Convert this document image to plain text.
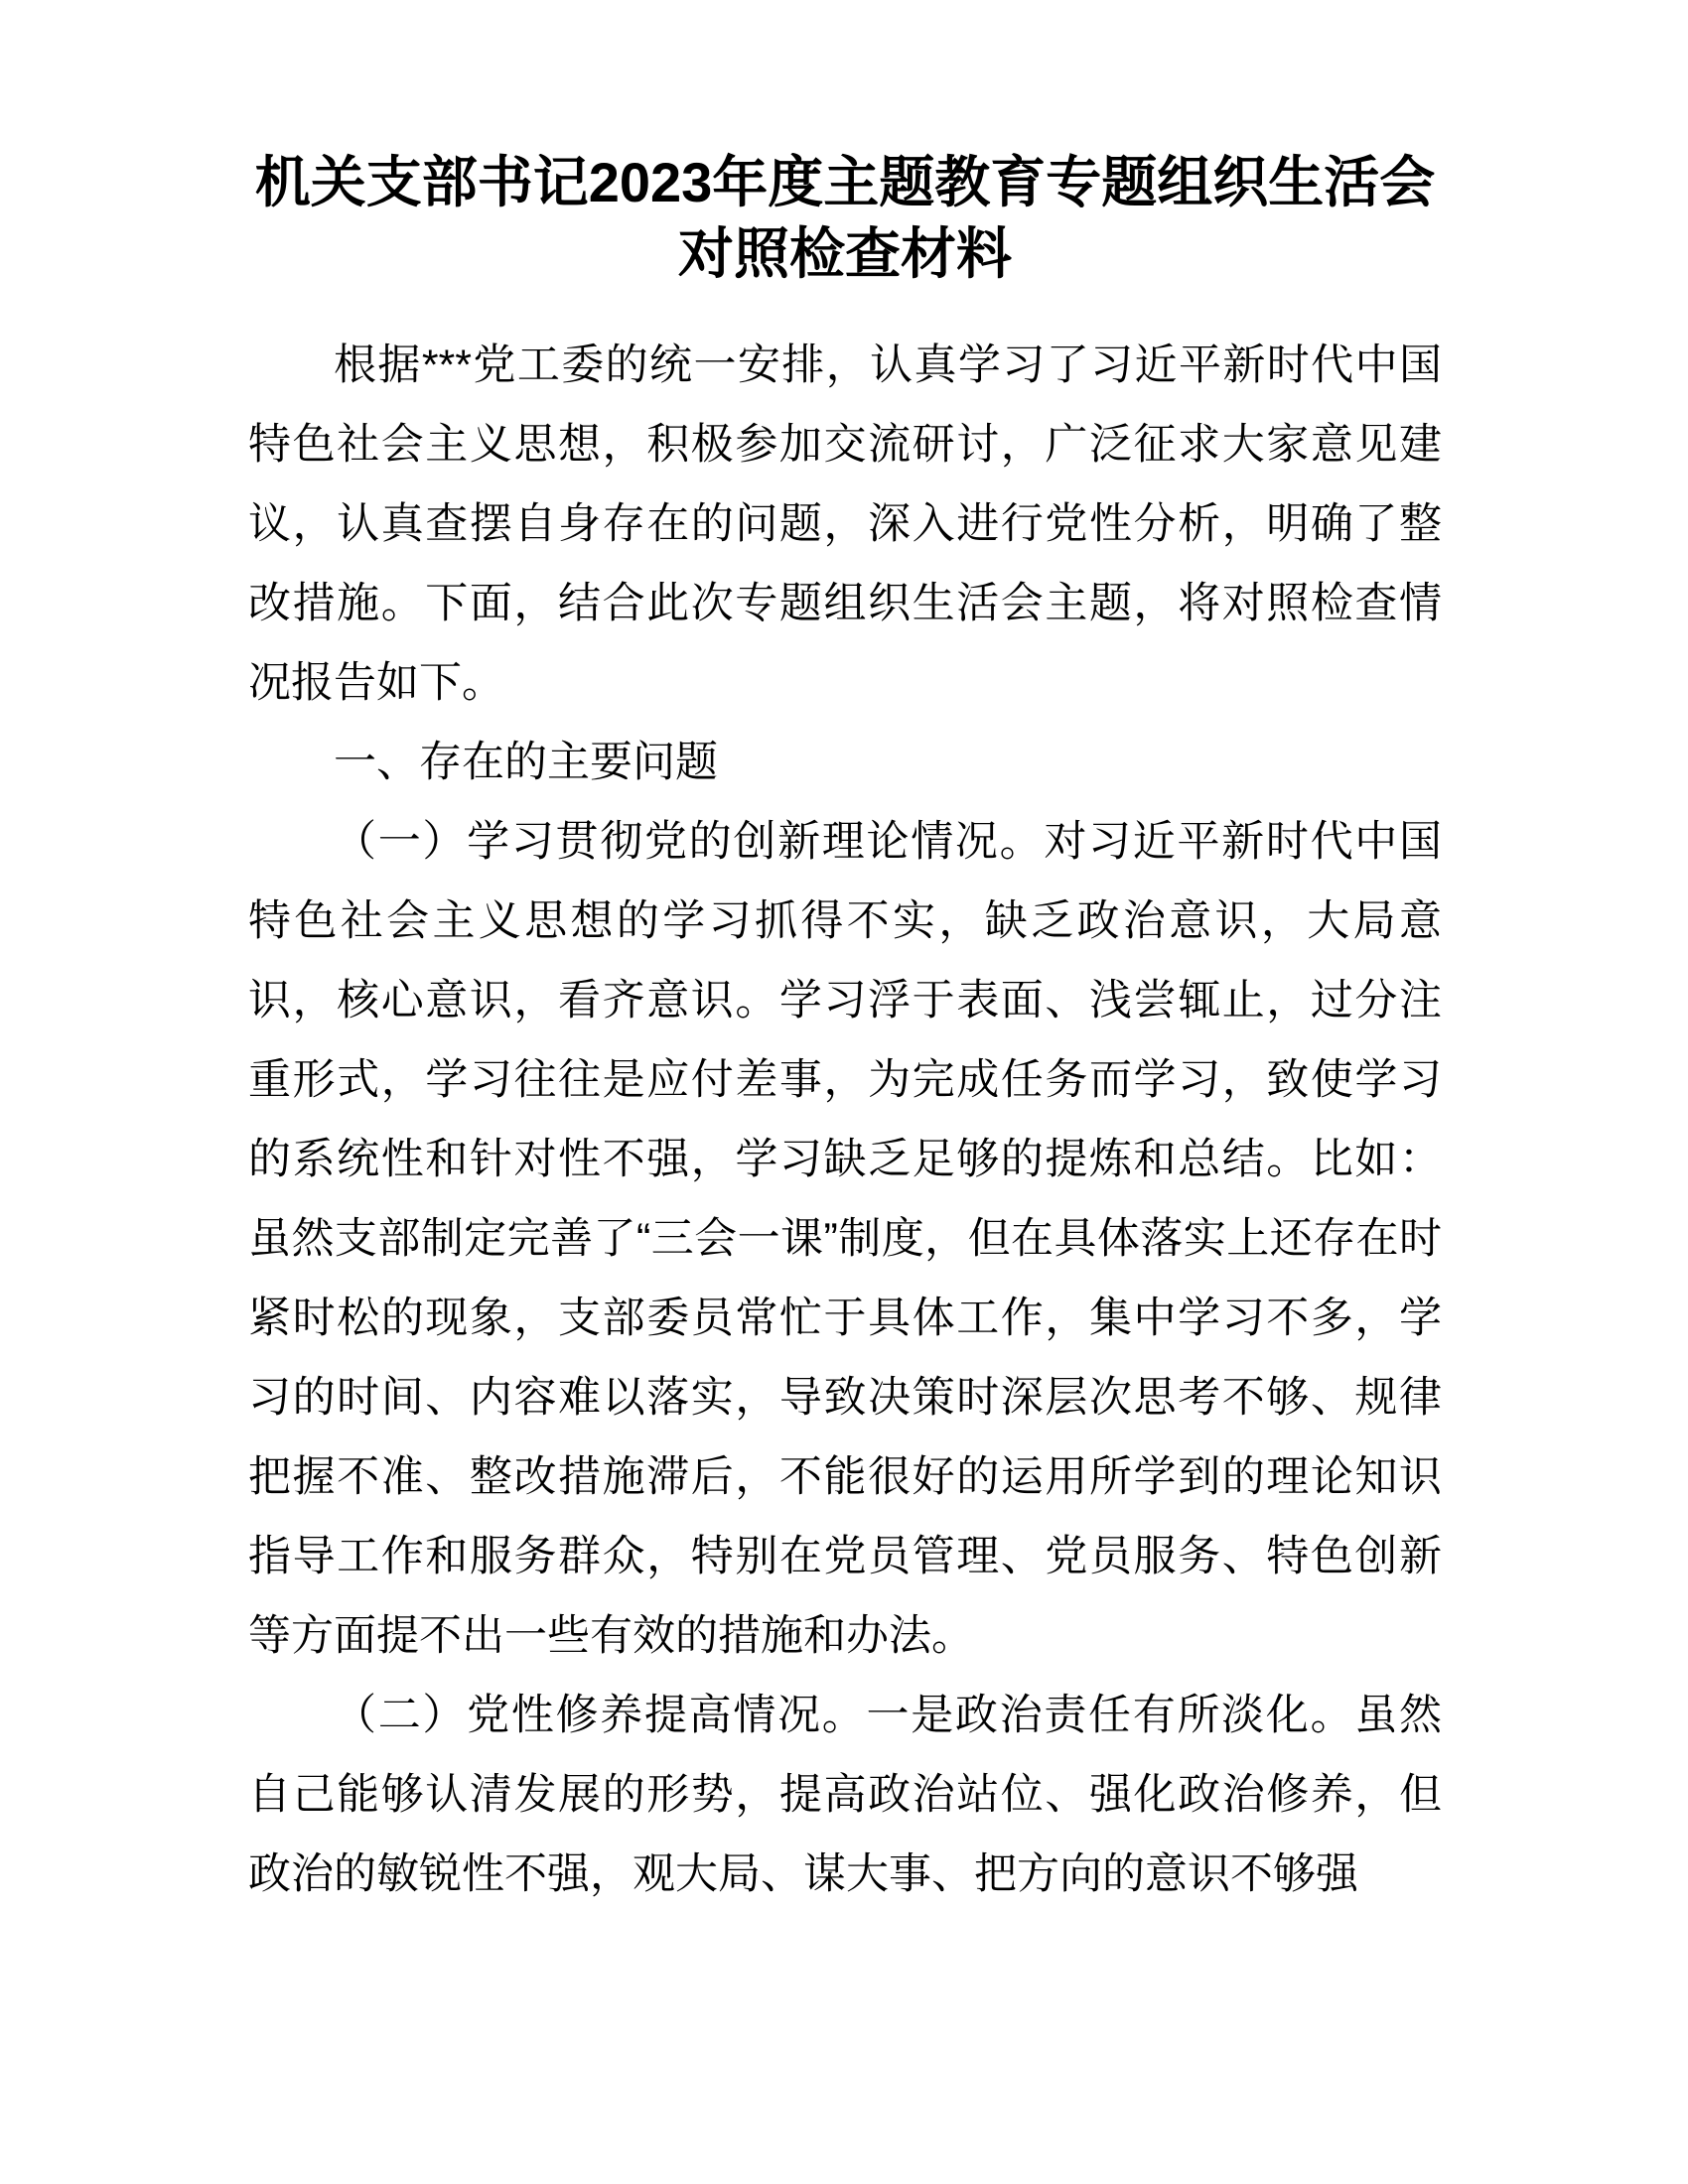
机关支部书记2023年度主题教育专题组织生活会对照检查材料

根据***党工委的统一安排，认真学习了习近平新时代中国特色社会主义思想，积极参加交流研讨，广泛征求大家意见建议，认真查摆自身存在的问题，深入进行党性分析，明确了整改措施。下面，结合此次专题组织生活会主题，将对照检查情况报告如下。

一、存在的主要问题

（一）学习贯彻党的创新理论情况。对习近平新时代中国特色社会主义思想的学习抓得不实，缺乏政治意识，大局意识，核心意识，看齐意识。学习浮于表面、浅尝辄止，过分注重形式，学习往往是应付差事，为完成任务而学习，致使学习的系统性和针对性不强，学习缺乏足够的提炼和总结。比如：虽然支部制定完善了“三会一课”制度，但在具体落实上还存在时紧时松的现象，支部委员常忙于具体工作，集中学习不多，学习的时间、内容难以落实，导致决策时深层次思考不够、规律把握不准、整改措施滞后，不能很好的运用所学到的理论知识指导工作和服务群众，特别在党员管理、党员服务、特色创新等方面提不出一些有效的措施和办法。

（二）党性修养提高情况。一是政治责任有所淡化。虽然自己能够认清发展的形势，提高政治站位、强化政治修养，但政治的敏锐性不强，观大局、谋大事、把方向的意识不够强
